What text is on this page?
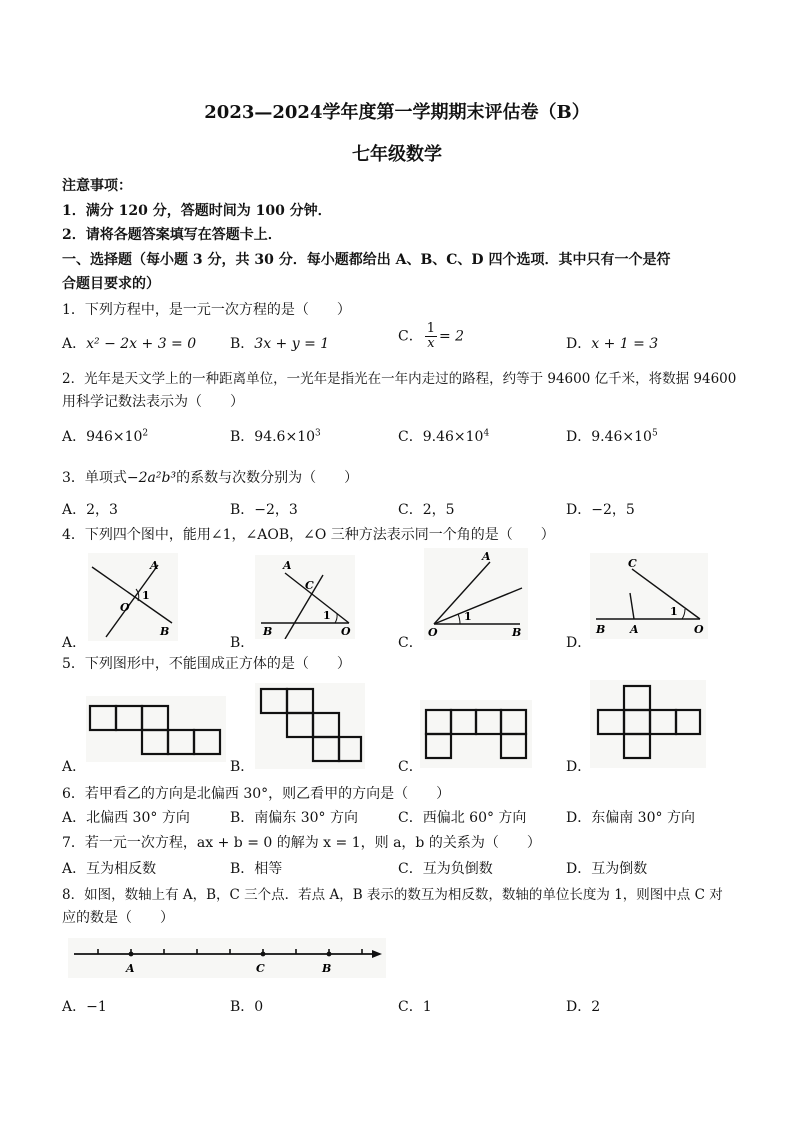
2023—2024学年度第一学期期末评估卷（B）
七年级数学
注意事项：
1．满分 120 分，答题时间为 100 分钟．
2．请将各题答案填写在答题卡上．
一、选择题（每小题 3 分，共 30 分．每小题都给出 A、B、C、D 四个选项．其中只有一个是符
合题目要求的）
1．下列方程中，是一元一次方程的是（　　）
A．x² − 2x + 3 = 0 B．3x + y = 1	C． $\frac{1}{x} = 2$	D．x + 1 = 3
2．光年是天文学上的一种距离单位，一光年是指光在一年内走过的路程，约等于 94600 亿千米，将数据 94600
用科学记数法表示为（　　）
A．$946\times 10^2$	B．$94.6\times 10^3$	C．$9.46\times 10^4$	D．$9.46\times 10^5$
3．单项式−2a²b³的系数与次数分别为（　　）
A．2，3	B．−2，3	C．2，5	D．−2，5
4．下列四个图中，能用∠1，∠AOB，∠O 三种方法表示同一个角的是（　　）
A
B
O
1
A．
A
C
B	O
1
B．
A
O	B
1
C．
C
B A	O
1
D．
5．下列图形中，不能围成正方体的是（　　）
A．	B．	C．	D．
6．若甲看乙的方向是北偏西 30°，则乙看甲的方向是（　　）
A．北偏西 30° 方向	B．南偏东 30° 方向	C．西偏北 60° 方向	D．东偏南 30° 方向
7．若一元一次方程，ax + b = 0 的解为 x = 1，则 a，b 的关系为（　　）
A．互为相反数	B．相等	C．互为负倒数	D．互为倒数
8．如图，数轴上有 A，B，C 三个点．若点 A，B 表示的数互为相反数，数轴的单位长度为 1，则图中点 C 对
应的数是（　　）
A	C	B
A．−1	B．0	C．1	D．2
